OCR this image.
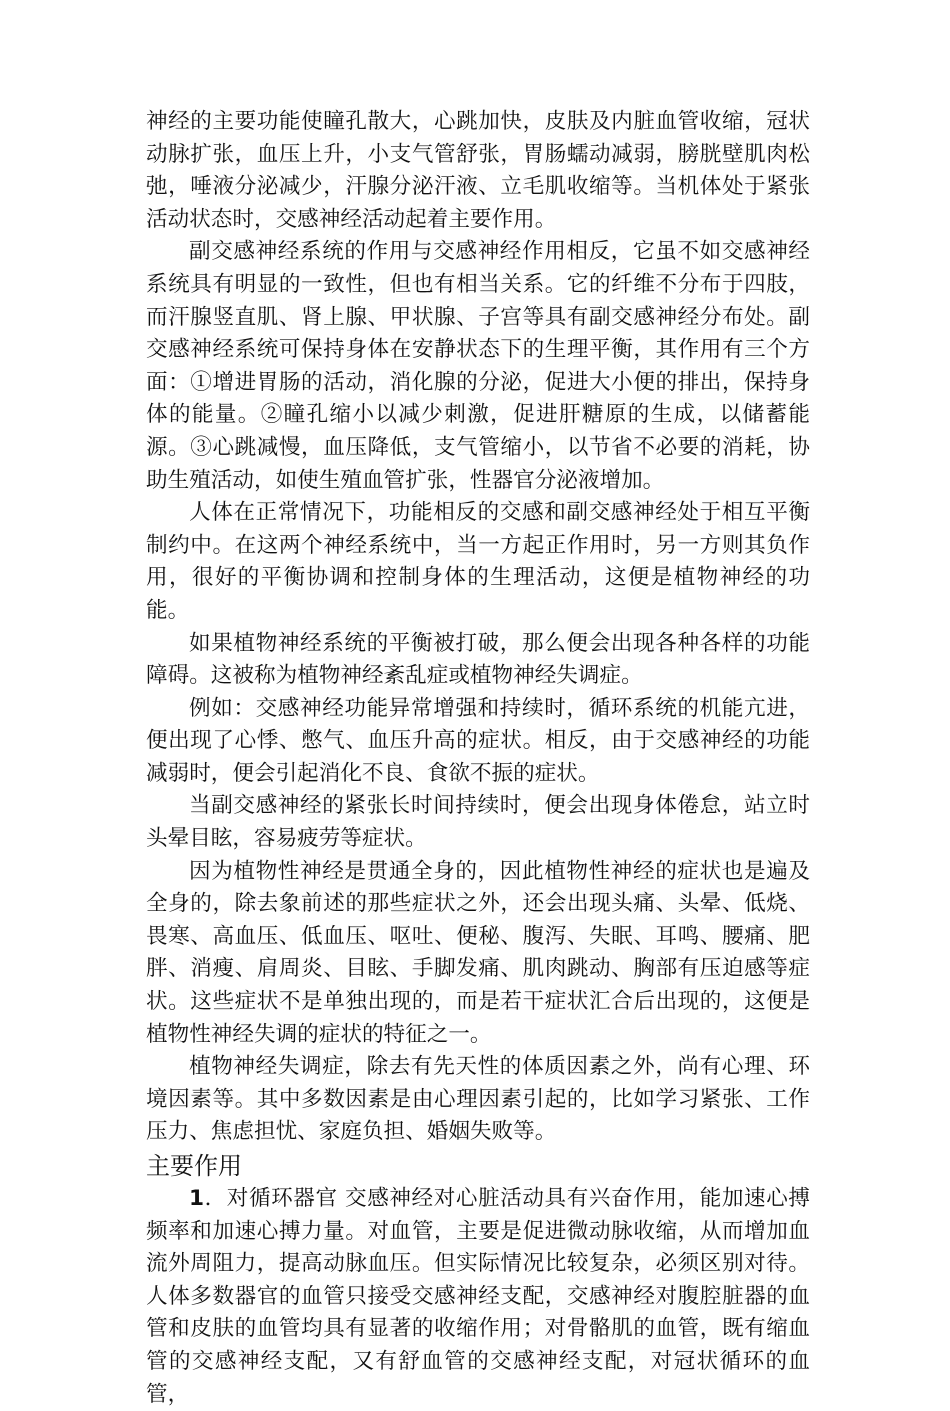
神经的主要功能使瞳孔散大，心跳加快，皮肤及内脏血管收缩，冠状动脉扩张，血压上升，小支气管舒张，胃肠蠕动减弱，膀胱壁肌肉松弛，唾液分泌减少，汗腺分泌汗液、立毛肌收缩等。当机体处于紧张活动状态时，交感神经活动起着主要作用。

副交感神经系统的作用与交感神经作用相反，它虽不如交感神经系统具有明显的一致性，但也有相当关系。它的纤维不分布于四肢，而汗腺竖直肌、肾上腺、甲状腺、子宫等具有副交感神经分布处。副交感神经系统可保持身体在安静状态下的生理平衡，其作用有三个方面：①增进胃肠的活动，消化腺的分泌，促进大小便的排出，保持身体的能量。②瞳孔缩小以减少刺激，促进肝糖原的生成，以储蓄能源。③心跳减慢，血压降低，支气管缩小，以节省不必要的消耗，协助生殖活动，如使生殖血管扩张，性器官分泌液增加。

人体在正常情况下，功能相反的交感和副交感神经处于相互平衡制约中。在这两个神经系统中，当一方起正作用时，另一方则其负作用，很好的平衡协调和控制身体的生理活动，这便是植物神经的功能。

如果植物神经系统的平衡被打破，那么便会出现各种各样的功能障碍。这被称为植物神经紊乱症或植物神经失调症。

例如：交感神经功能异常增强和持续时，循环系统的机能亢进，便出现了心悸、憋气、血压升高的症状。相反，由于交感神经的功能减弱时，便会引起消化不良、食欲不振的症状。

当副交感神经的紧张长时间持续时，便会出现身体倦怠，站立时头晕目眩，容易疲劳等症状。

因为植物性神经是贯通全身的，因此植物性神经的症状也是遍及全身的，除去象前述的那些症状之外，还会出现头痛、头晕、低烧、畏寒、高血压、低血压、呕吐、便秘、腹泻、失眠、耳鸣、腰痛、肥胖、消瘦、肩周炎、目眩、手脚发痛、肌肉跳动、胸部有压迫感等症状。这些症状不是单独出现的，而是若干症状汇合后出现的，这便是植物性神经失调的症状的特征之一。

植物神经失调症，除去有先天性的体质因素之外，尚有心理、环境因素等。其中多数因素是由心理因素引起的，比如学习紧张、工作压力、焦虑担忧、家庭负担、婚姻失败等。

主要作用

1．对循环器官 交感神经对心脏活动具有兴奋作用，能加速心搏频率和加速心搏力量。对血管，主要是促进微动脉收缩，从而增加血流外周阻力，提高动脉血压。但实际情况比较复杂，必须区别对待。人体多数器官的血管只接受交感神经支配，交感神经对腹腔脏器的血管和皮肤的血管均具有显著的收缩作用；对骨骼肌的血管，既有缩血管的交感神经支配，又有舒血管的交感神经支配，对冠状循环的血管，
